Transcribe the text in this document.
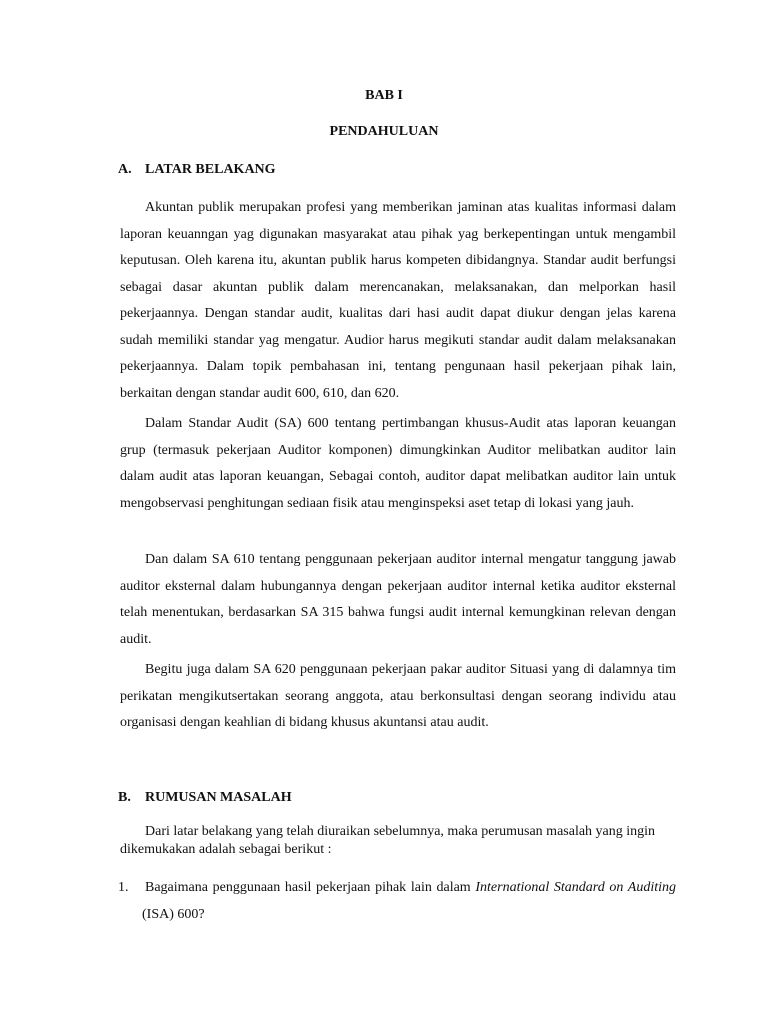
BAB I
PENDAHULUAN
A. LATAR BELAKANG

Akuntan publik merupakan profesi yang memberikan jaminan atas kualitas informasi dalam laporan keuanngan yag digunakan masyarakat atau pihak yag berkepentingan untuk mengambil keputusan. Oleh karena itu, akuntan publik harus kompeten dibidangnya. Standar audit berfungsi sebagai dasar akuntan publik dalam merencanakan, melaksanakan, dan melporkan hasil pekerjaannya. Dengan standar audit, kualitas dari hasi audit dapat diukur dengan jelas karena sudah memiliki standar yag mengatur. Audior harus megikuti standar audit dalam melaksanakan pekerjaannya. Dalam topik pembahasan ini, tentang pengunaan hasil pekerjaan pihak lain, berkaitan dengan standar audit 600, 610, dan 620.

Dalam Standar Audit (SA) 600 tentang pertimbangan khusus-Audit atas laporan keuangan grup (termasuk pekerjaan Auditor komponen) dimungkinkan Auditor melibatkan auditor lain dalam audit atas laporan keuangan, Sebagai contoh, auditor dapat melibatkan auditor lain untuk mengobservasi penghitungan sediaan fisik atau menginspeksi aset tetap di lokasi yang jauh.

Dan dalam SA 610 tentang penggunaan pekerjaan auditor internal mengatur tanggung jawab auditor eksternal dalam hubungannya dengan pekerjaan auditor internal ketika auditor eksternal telah menentukan, berdasarkan SA 315 bahwa fungsi audit internal kemungkinan relevan dengan audit.

Begitu juga dalam SA 620 penggunaan pekerjaan pakar auditor Situasi yang di dalamnya tim perikatan mengikutsertakan seorang anggota, atau berkonsultasi dengan seorang individu atau organisasi dengan keahlian di bidang khusus akuntansi atau audit.

B. RUMUSAN MASALAH

Dari latar belakang yang telah diuraikan sebelumnya, maka perumusan masalah yang ingin dikemukakan adalah sebagai berikut :

1. Bagaimana penggunaan hasil pekerjaan pihak lain dalam International Standard on Auditing (ISA) 600?
